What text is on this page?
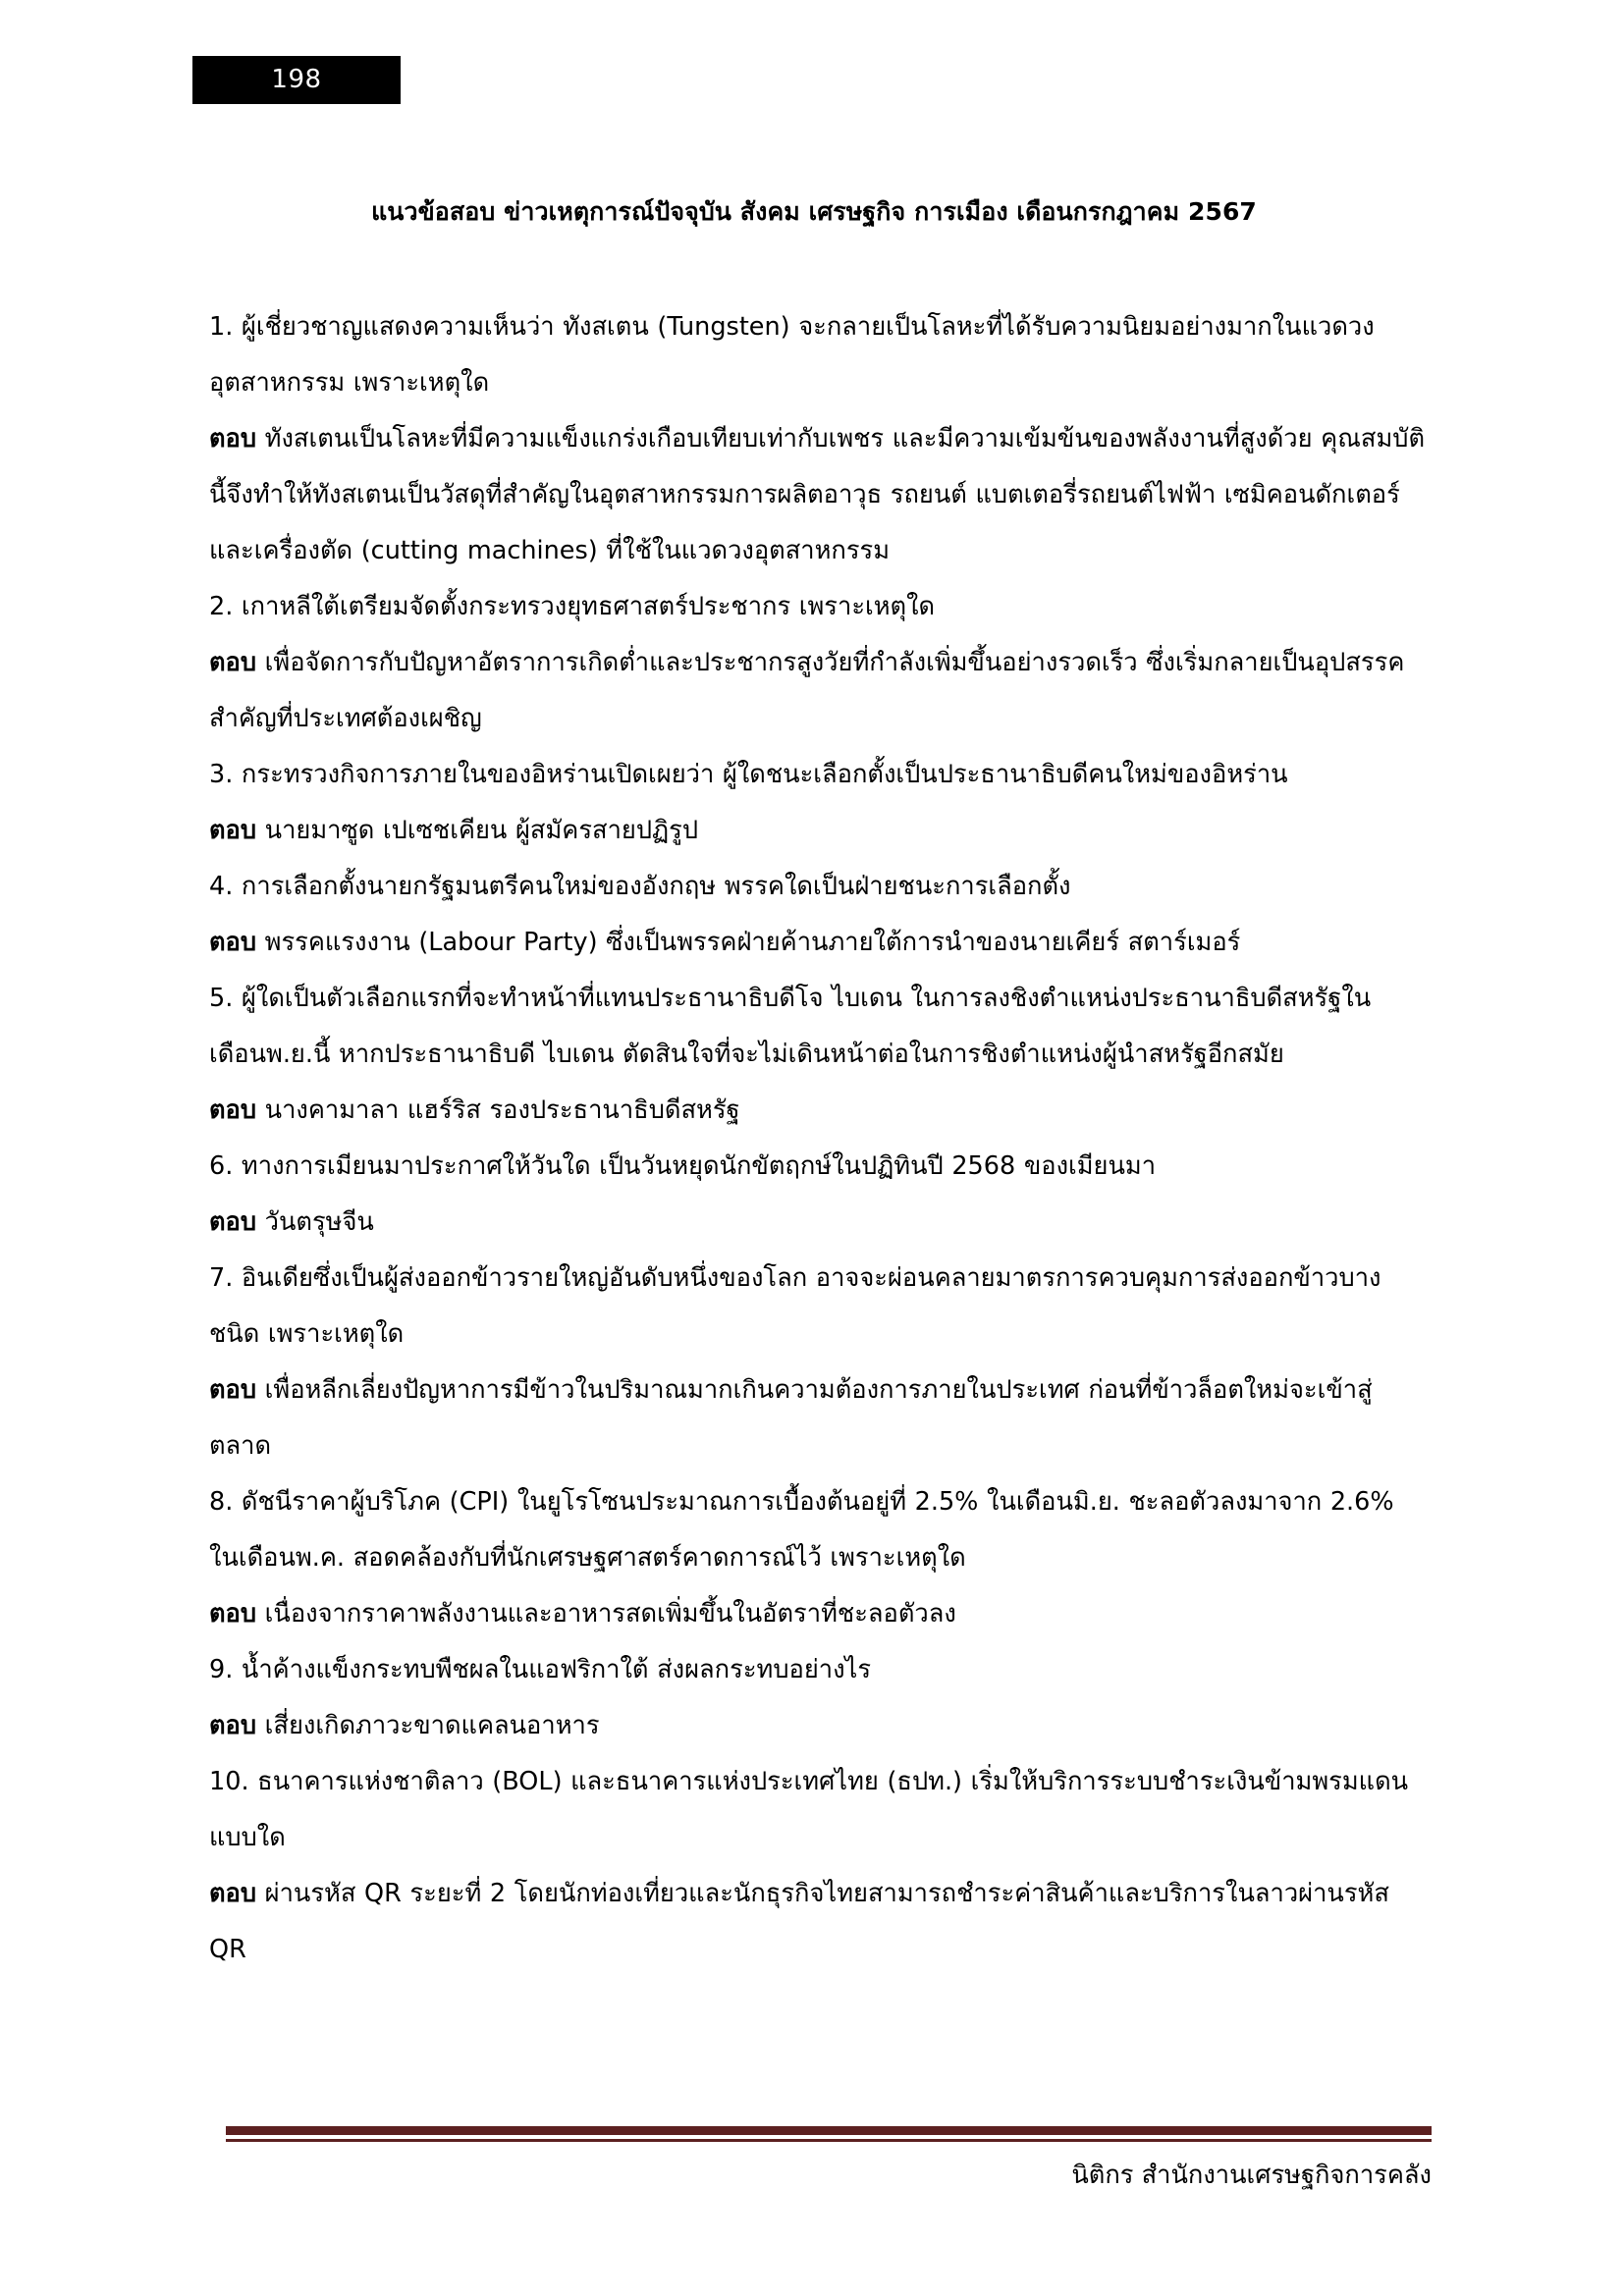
198
แนวข้อสอบ ข่าวเหตุการณ์ปัจจุบัน สังคม เศรษฐกิจ การเมือง เดือนกรกฎาคม 2567

1. ผู้เชี่ยวชาญแสดงความเห็นว่า ทังสเตน (Tungsten) จะกลายเป็นโลหะที่ได้รับความนิยมอย่างมากในแวดวงอุตสาหกรรม เพราะเหตุใด

ตอบ ทังสเตนเป็นโลหะที่มีความแข็งแกร่งเกือบเทียบเท่ากับเพชร และมีความเข้มข้นของพลังงานที่สูงด้วย คุณสมบัตินี้จึงทำให้ทังสเตนเป็นวัสดุที่สำคัญในอุตสาหกรรมการผลิตอาวุธ รถยนต์ แบตเตอรี่รถยนต์ไฟฟ้า เซมิคอนดักเตอร์ และเครื่องตัด (cutting machines) ที่ใช้ในแวดวงอุตสาหกรรม

2. เกาหลีใต้เตรียมจัดตั้งกระทรวงยุทธศาสตร์ประชากร เพราะเหตุใด

ตอบ เพื่อจัดการกับปัญหาอัตราการเกิดต่ำและประชากรสูงวัยที่กำลังเพิ่มขึ้นอย่างรวดเร็ว ซึ่งเริ่มกลายเป็นอุปสรรคสำคัญที่ประเทศต้องเผชิญ

3. กระทรวงกิจการภายในของอิหร่านเปิดเผยว่า ผู้ใดชนะเลือกตั้งเป็นประธานาธิบดีคนใหม่ของอิหร่าน

ตอบ นายมาซูด เปเซชเคียน ผู้สมัครสายปฏิรูป

4. การเลือกตั้งนายกรัฐมนตรีคนใหม่ของอังกฤษ พรรคใดเป็นฝ่ายชนะการเลือกตั้ง

ตอบ พรรคแรงงาน (Labour Party) ซึ่งเป็นพรรคฝ่ายค้านภายใต้การนำของนายเคียร์ สตาร์เมอร์

5. ผู้ใดเป็นตัวเลือกแรกที่จะทำหน้าที่แทนประธานาธิบดีโจ ไบเดน ในการลงชิงตำแหน่งประธานาธิบดีสหรัฐในเดือนพ.ย.นี้ หากประธานาธิบดี ไบเดน ตัดสินใจที่จะไม่เดินหน้าต่อในการชิงตำแหน่งผู้นำสหรัฐอีกสมัย

ตอบ นางคามาลา แฮร์ริส รองประธานาธิบดีสหรัฐ

6. ทางการเมียนมาประกาศให้วันใด เป็นวันหยุดนักขัตฤกษ์ในปฏิทินปี 2568 ของเมียนมา

ตอบ วันตรุษจีน

7. อินเดียซึ่งเป็นผู้ส่งออกข้าวรายใหญ่อันดับหนึ่งของโลก อาจจะผ่อนคลายมาตรการควบคุมการส่งออกข้าวบางชนิด เพราะเหตุใด

ตอบ เพื่อหลีกเลี่ยงปัญหาการมีข้าวในปริมาณมากเกินความต้องการภายในประเทศ ก่อนที่ข้าวล็อตใหม่จะเข้าสู่ตลาด

8. ดัชนีราคาผู้บริโภค (CPI) ในยูโรโซนประมาณการเบื้องต้นอยู่ที่ 2.5% ในเดือนมิ.ย. ชะลอตัวลงมาจาก 2.6% ในเดือนพ.ค. สอดคล้องกับที่นักเศรษฐศาสตร์คาดการณ์ไว้ เพราะเหตุใด

ตอบ เนื่องจากราคาพลังงานและอาหารสดเพิ่มขึ้นในอัตราที่ชะลอตัวลง

9. น้ำค้างแข็งกระทบพืชผลในแอฟริกาใต้ ส่งผลกระทบอย่างไร

ตอบ เสี่ยงเกิดภาวะขาดแคลนอาหาร

10. ธนาคารแห่งชาติลาว (BOL) และธนาคารแห่งประเทศไทย (ธปท.) เริ่มให้บริการระบบชำระเงินข้ามพรมแดนแบบใด

ตอบ ผ่านรหัส QR ระยะที่ 2 โดยนักท่องเที่ยวและนักธุรกิจไทยสามารถชำระค่าสินค้าและบริการในลาวผ่านรหัส QR

นิติกร สำนักงานเศรษฐกิจการคลัง
